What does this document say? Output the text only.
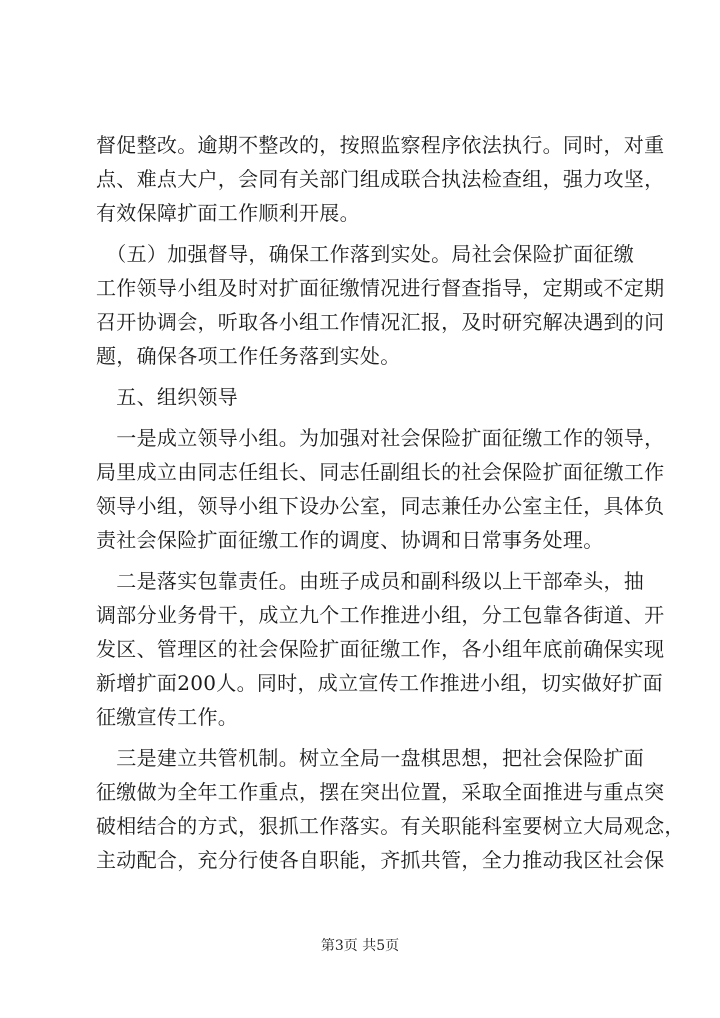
督促整改。逾期不整改的，按照监察程序依法执行。同时，对重
点、难点大户，会同有关部门组成联合执法检查组，强力攻坚，
有效保障扩面工作顺利开展。

　（五）加强督导，确保工作落到实处。局社会保险扩面征缴
工作领导小组及时对扩面征缴情况进行督查指导，定期或不定期
召开协调会，听取各小组工作情况汇报，及时研究解决遇到的问
题，确保各项工作任务落到实处。

　五、组织领导

　一是成立领导小组。为加强对社会保险扩面征缴工作的领导，
局里成立由同志任组长、同志任副组长的社会保险扩面征缴工作
领导小组，领导小组下设办公室，同志兼任办公室主任，具体负
责社会保险扩面征缴工作的调度、协调和日常事务处理。

　二是落实包靠责任。由班子成员和副科级以上干部牵头，抽
调部分业务骨干，成立九个工作推进小组，分工包靠各街道、开
发区、管理区的社会保险扩面征缴工作，各小组年底前确保实现
新增扩面200人。同时，成立宣传工作推进小组，切实做好扩面
征缴宣传工作。

　三是建立共管机制。树立全局一盘棋思想，把社会保险扩面
征缴做为全年工作重点，摆在突出位置，采取全面推进与重点突
破相结合的方式，狠抓工作落实。有关职能科室要树立大局观念，
主动配合，充分行使各自职能，齐抓共管，全力推动我区社会保

第3页 共5页
